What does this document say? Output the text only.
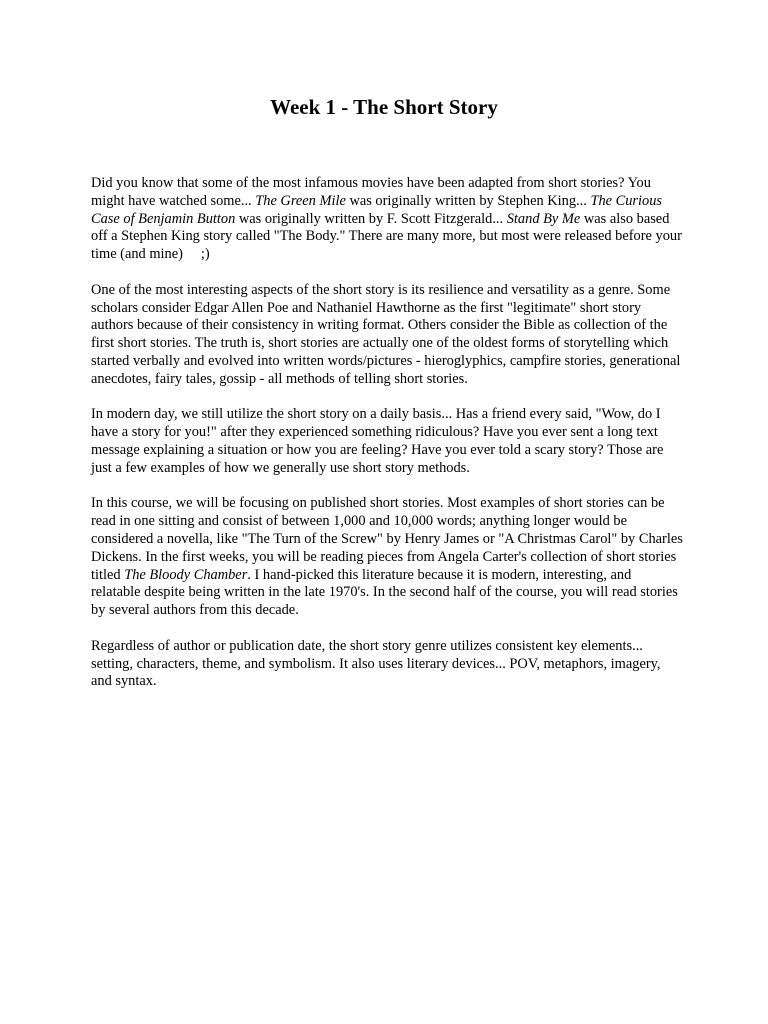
Week 1 - The Short Story

Did you know that some of the most infamous movies have been adapted from short stories? You might have watched some... The Green Mile was originally written by Stephen King... The Curious Case of Benjamin Button was originally written by F. Scott Fitzgerald... Stand By Me was also based off a Stephen King story called "The Body." There are many more, but most were released before your time (and mine) ;)

One of the most interesting aspects of the short story is its resilience and versatility as a genre. Some scholars consider Edgar Allen Poe and Nathaniel Hawthorne as the first "legitimate" short story authors because of their consistency in writing format. Others consider the Bible as collection of the first short stories. The truth is, short stories are actually one of the oldest forms of storytelling which started verbally and evolved into written words/pictures - hieroglyphics, campfire stories, generational anecdotes, fairy tales, gossip - all methods of telling short stories.

In modern day, we still utilize the short story on a daily basis... Has a friend every said, "Wow, do I have a story for you!" after they experienced something ridiculous? Have you ever sent a long text message explaining a situation or how you are feeling? Have you ever told a scary story? Those are just a few examples of how we generally use short story methods.

In this course, we will be focusing on published short stories. Most examples of short stories can be read in one sitting and consist of between 1,000 and 10,000 words; anything longer would be considered a novella, like "The Turn of the Screw" by Henry James or "A Christmas Carol" by Charles Dickens. In the first weeks, you will be reading pieces from Angela Carter's collection of short stories titled The Bloody Chamber. I hand-picked this literature because it is modern, interesting, and relatable despite being written in the late 1970's. In the second half of the course, you will read stories by several authors from this decade.

Regardless of author or publication date, the short story genre utilizes consistent key elements... setting, characters, theme, and symbolism. It also uses literary devices... POV, metaphors, imagery, and syntax.
